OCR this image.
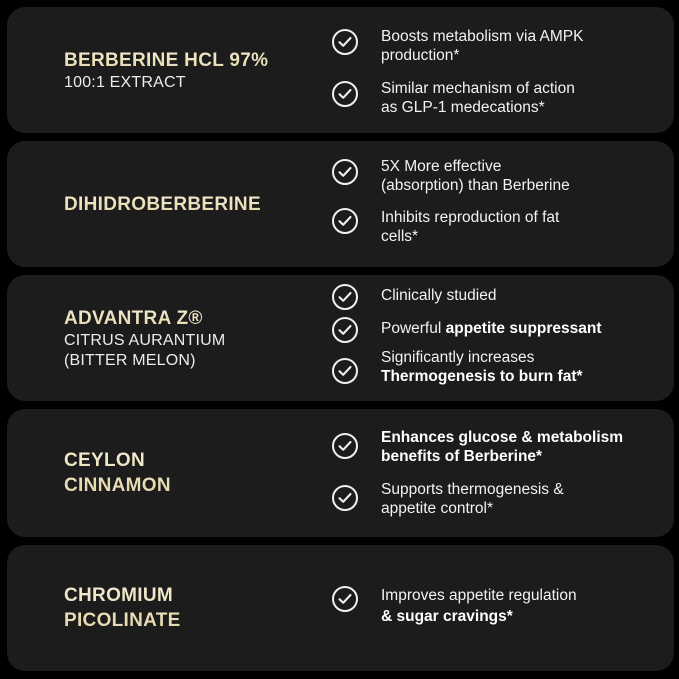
BERBERINE HCL 97%
100:1 EXTRACT
Boosts metabolism via AMPK
production*
Similar mechanism of action
as GLP-1 medecations*
DIHIDROBERBERINE
5X More effective
(absorption) than Berberine
Inhibits reproduction of fat
cells*
ADVANTRA Z®
CITRUS AURANTIUM
(BITTER MELON)
Clinically studied
Powerful appetite suppressant
Significantly increases
Thermogenesis to burn fat*
CEYLON
CINNAMON
Enhances glucose & metabolism
benefits of Berberine*
Supports thermogenesis &
appetite control*
CHROMIUM
PICOLINATE
Improves appetite regulation
& sugar cravings*
